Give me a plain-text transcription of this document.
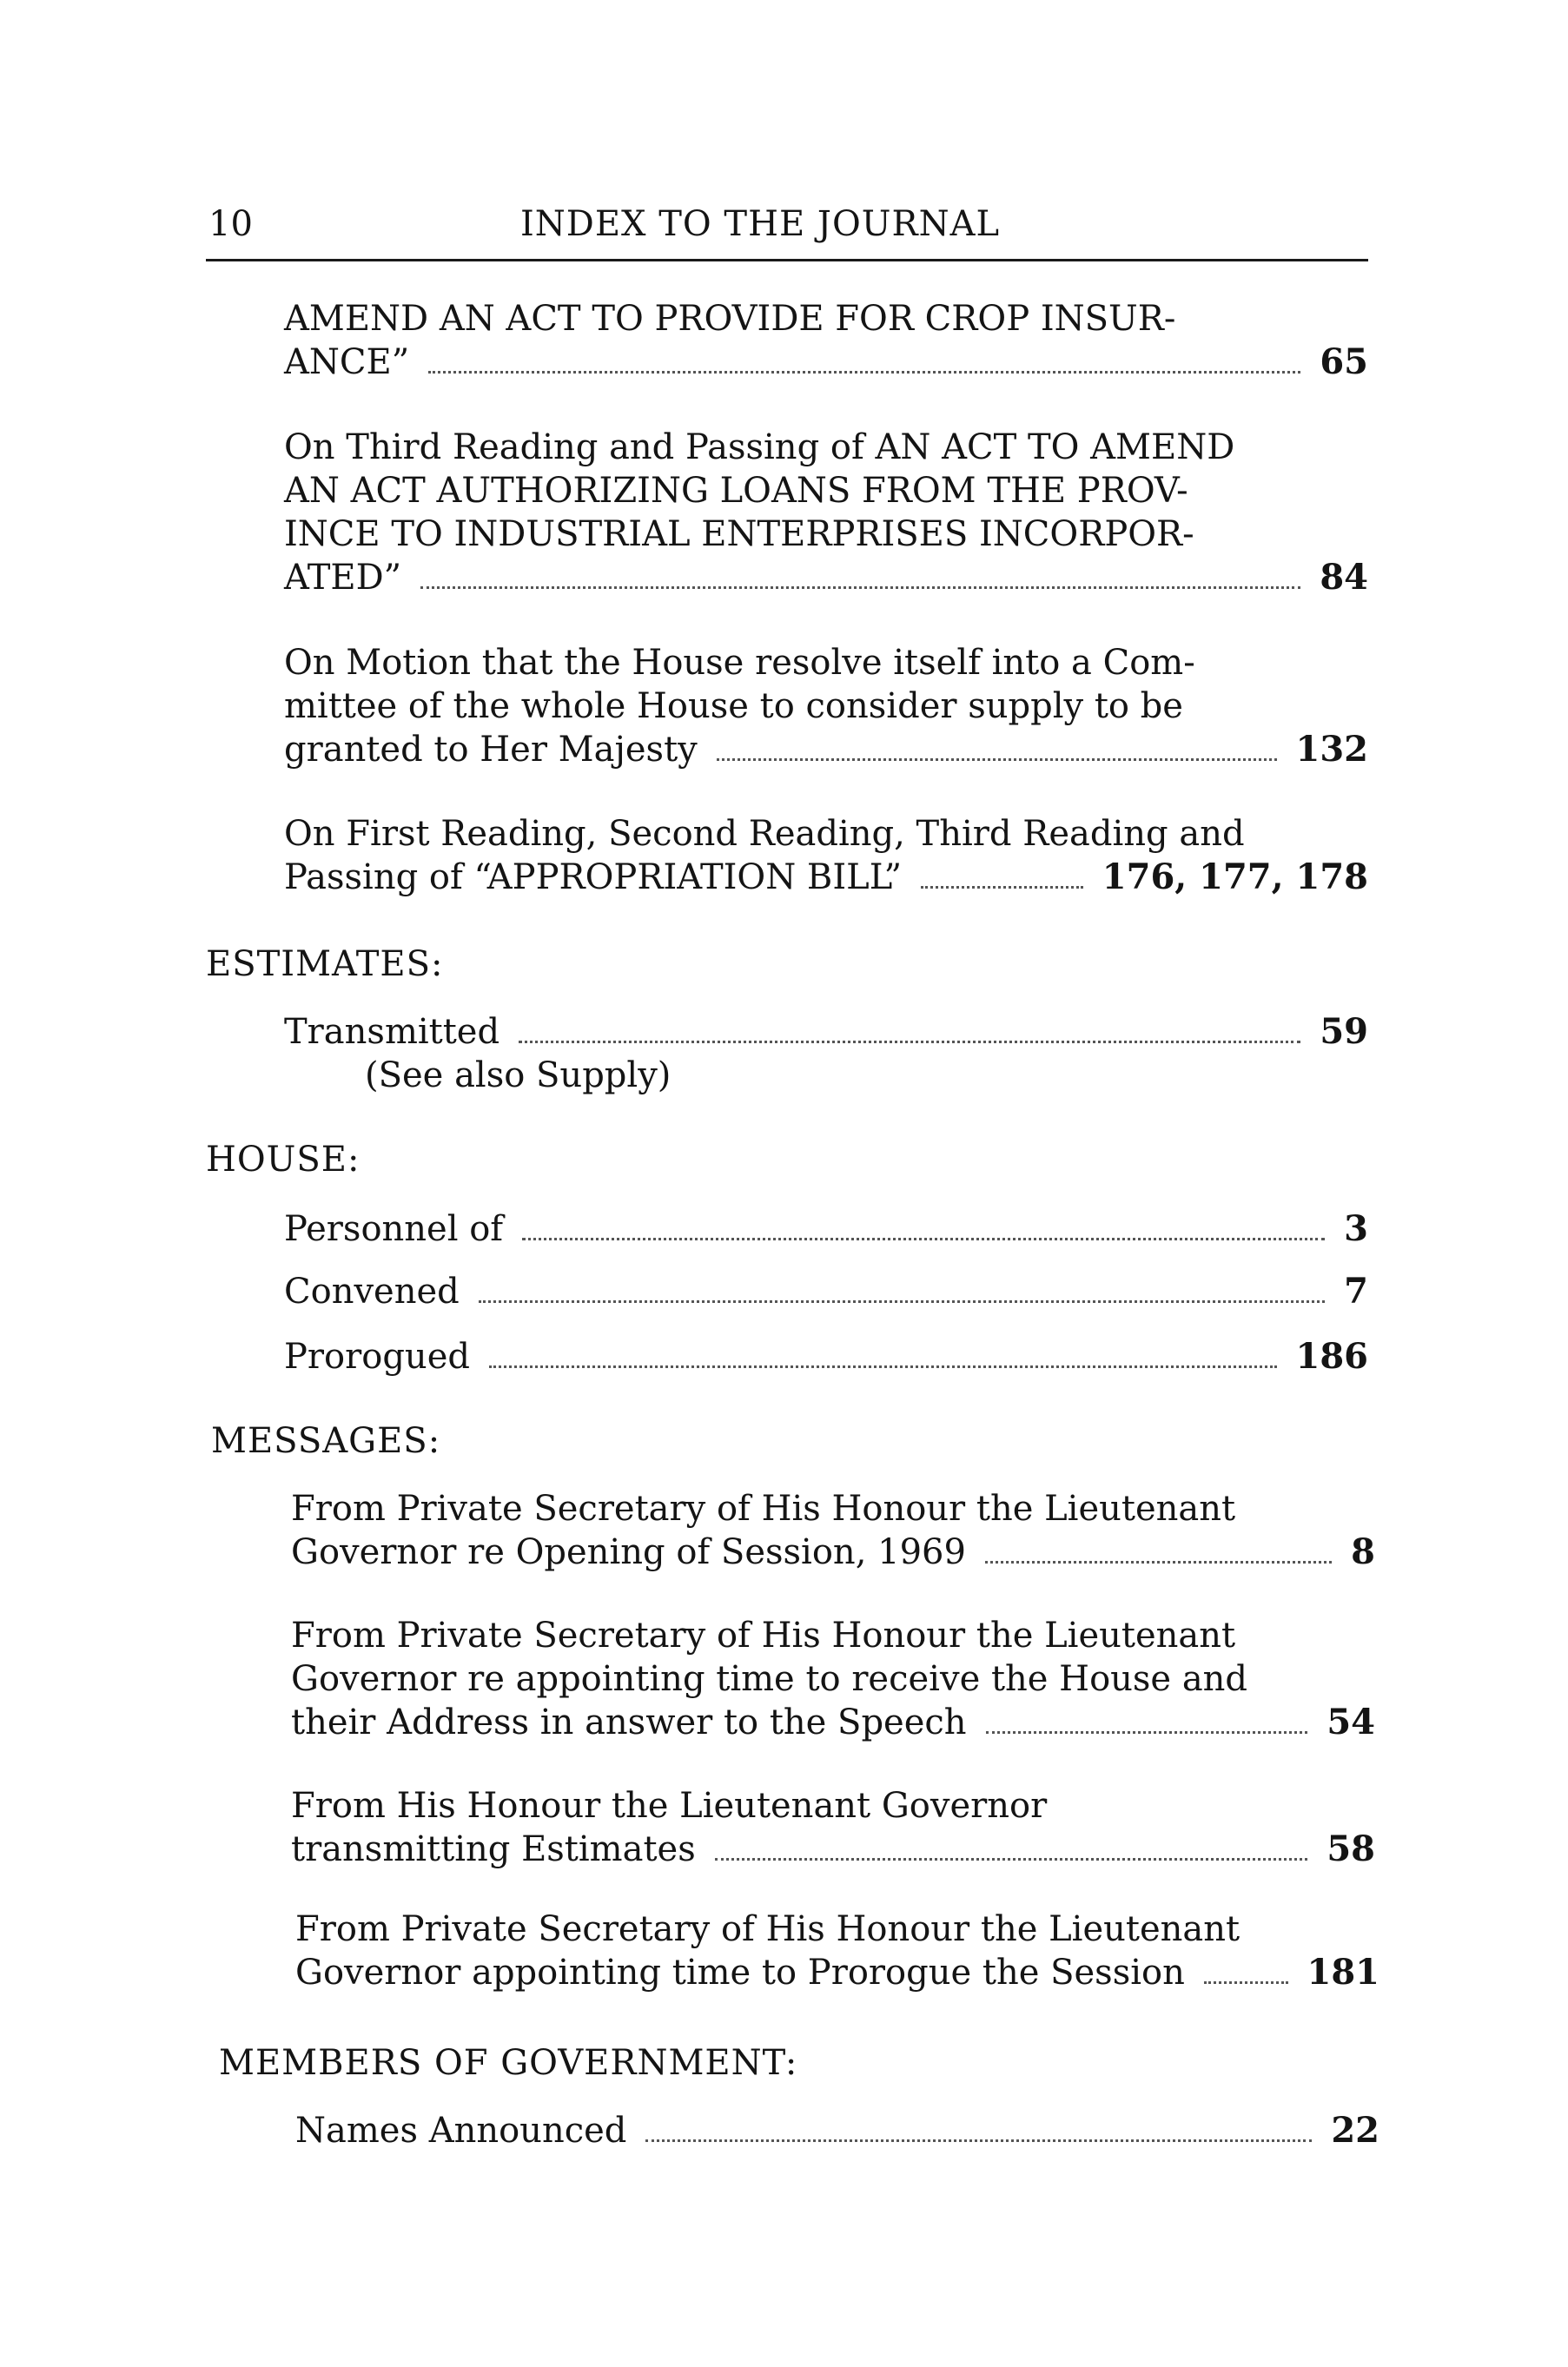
10	INDEX TO THE JOURNAL
AMEND AN ACT TO PROVIDE FOR CROP INSUR-
ANCE”	65
On Third Reading and Passing of AN ACT TO AMEND
AN ACT AUTHORIZING LOANS FROM THE PROV-
INCE TO INDUSTRIAL ENTERPRISES INCORPOR-
ATED”	84
On Motion that the House resolve itself into a Com-
mittee of the whole House to consider supply to be
granted to Her Majesty	132
On First Reading, Second Reading, Third Reading and
Passing of “APPROPRIATION BILL”	176, 177, 178
ESTIMATES:
Transmitted	59
(See also Supply)
HOUSE:
Personnel of	3
Convened	7
Prorogued	186
MESSAGES:
From Private Secretary of His Honour the Lieutenant
Governor re Opening of Session, 1969	8
From Private Secretary of His Honour the Lieutenant
Governor re appointing time to receive the House and
their Address in answer to the Speech	54
From His Honour the Lieutenant Governor
transmitting Estimates	58
From Private Secretary of His Honour the Lieutenant
Governor appointing time to Prorogue the Session	181
MEMBERS OF GOVERNMENT:
Names Announced	22
